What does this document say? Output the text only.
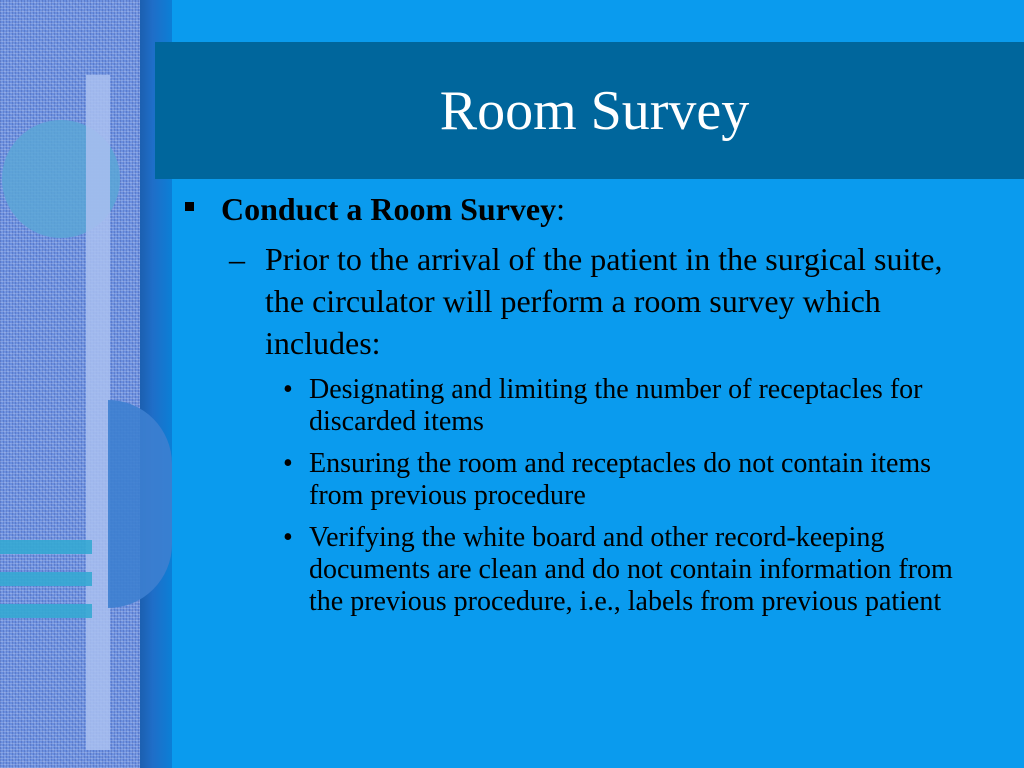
Room Survey
Conduct a Room Survey:
– Prior to the arrival of the patient in the surgical suite, the circulator will perform a room survey which includes:
• Designating and limiting the number of receptacles for discarded items
• Ensuring the room and receptacles do not contain items from previous procedure
• Verifying the white board and other record-keeping documents are clean and do not contain information from the previous procedure, i.e., labels from previous patient
